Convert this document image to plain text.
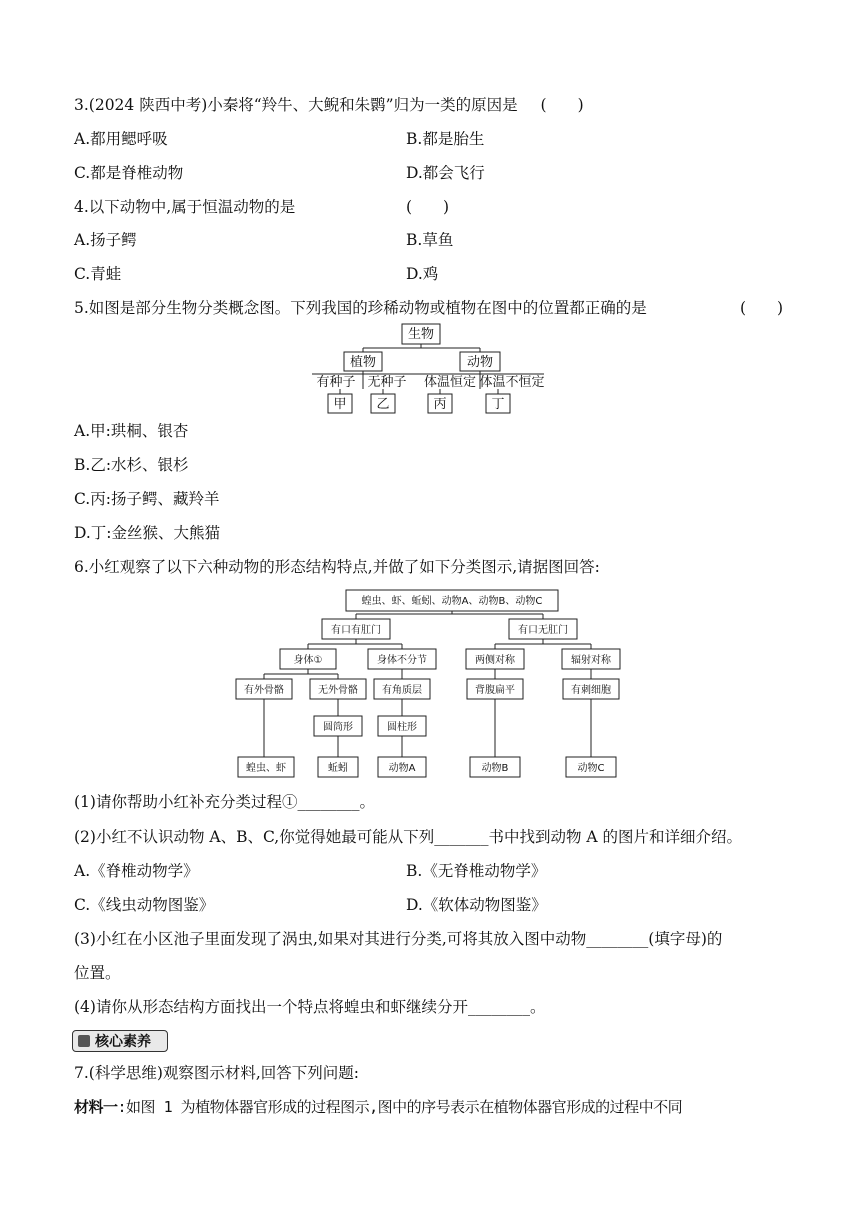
3.(2024 陕西中考)小秦将“羚牛、大鲵和朱鹮”归为一类的原因是 (　　)
A.都用鳃呼吸	B.都是胎生
C.都是脊椎动物	D.都会飞行
4.以下动物中,属于恒温动物的是	(　　)
A.扬子鳄	B.草鱼
C.青蛙	D.鸡
5.如图是部分生物分类概念图。下列我国的珍稀动物或植物在图中的位置都正确的是	(　　)
生物
植物	动物
有种子 无种子 体温恒定 体温不恒定
甲 乙	丙	丁
A.甲:珙桐、银杏
B.乙:水杉、银杉
C.丙:扬子鳄、藏羚羊
D.丁:金丝猴、大熊猫
6.小红观察了以下六种动物的形态结构特点,并做了如下分类图示,请据图回答:
蝗虫、虾、蚯蚓、动物A、动物B、动物C
有口有肛门	有口无肛门
身体①	身体不分节	两侧对称	辐射对称
有外骨骼	无外骨骼 有角质层	背腹扁平	有刺细胞
圆筒形	圆柱形
蝗虫、虾	蚯蚓	动物A	动物B	动物C
(1)请你帮助小红补充分类过程①________。
(2)小红不认识动物 A、B、C,你觉得她最可能从下列_______书中找到动物 A 的图片和详细介绍。
A.《脊椎动物学》	B.《无脊椎动物学》
C.《线虫动物图鉴》	D.《软体动物图鉴》
(3)小红在小区池子里面发现了涡虫,如果对其进行分类,可将其放入图中动物________(填字母)的
位置。
(4)请你从形态结构方面找出一个特点将蝗虫和虾继续分开________。
核心素养
7.(科学思维)观察图示材料,回答下列问题:
材料一:如图 1 为植物体器官形成的过程图示,图中的序号表示在植物体器官形成的过程中不同
